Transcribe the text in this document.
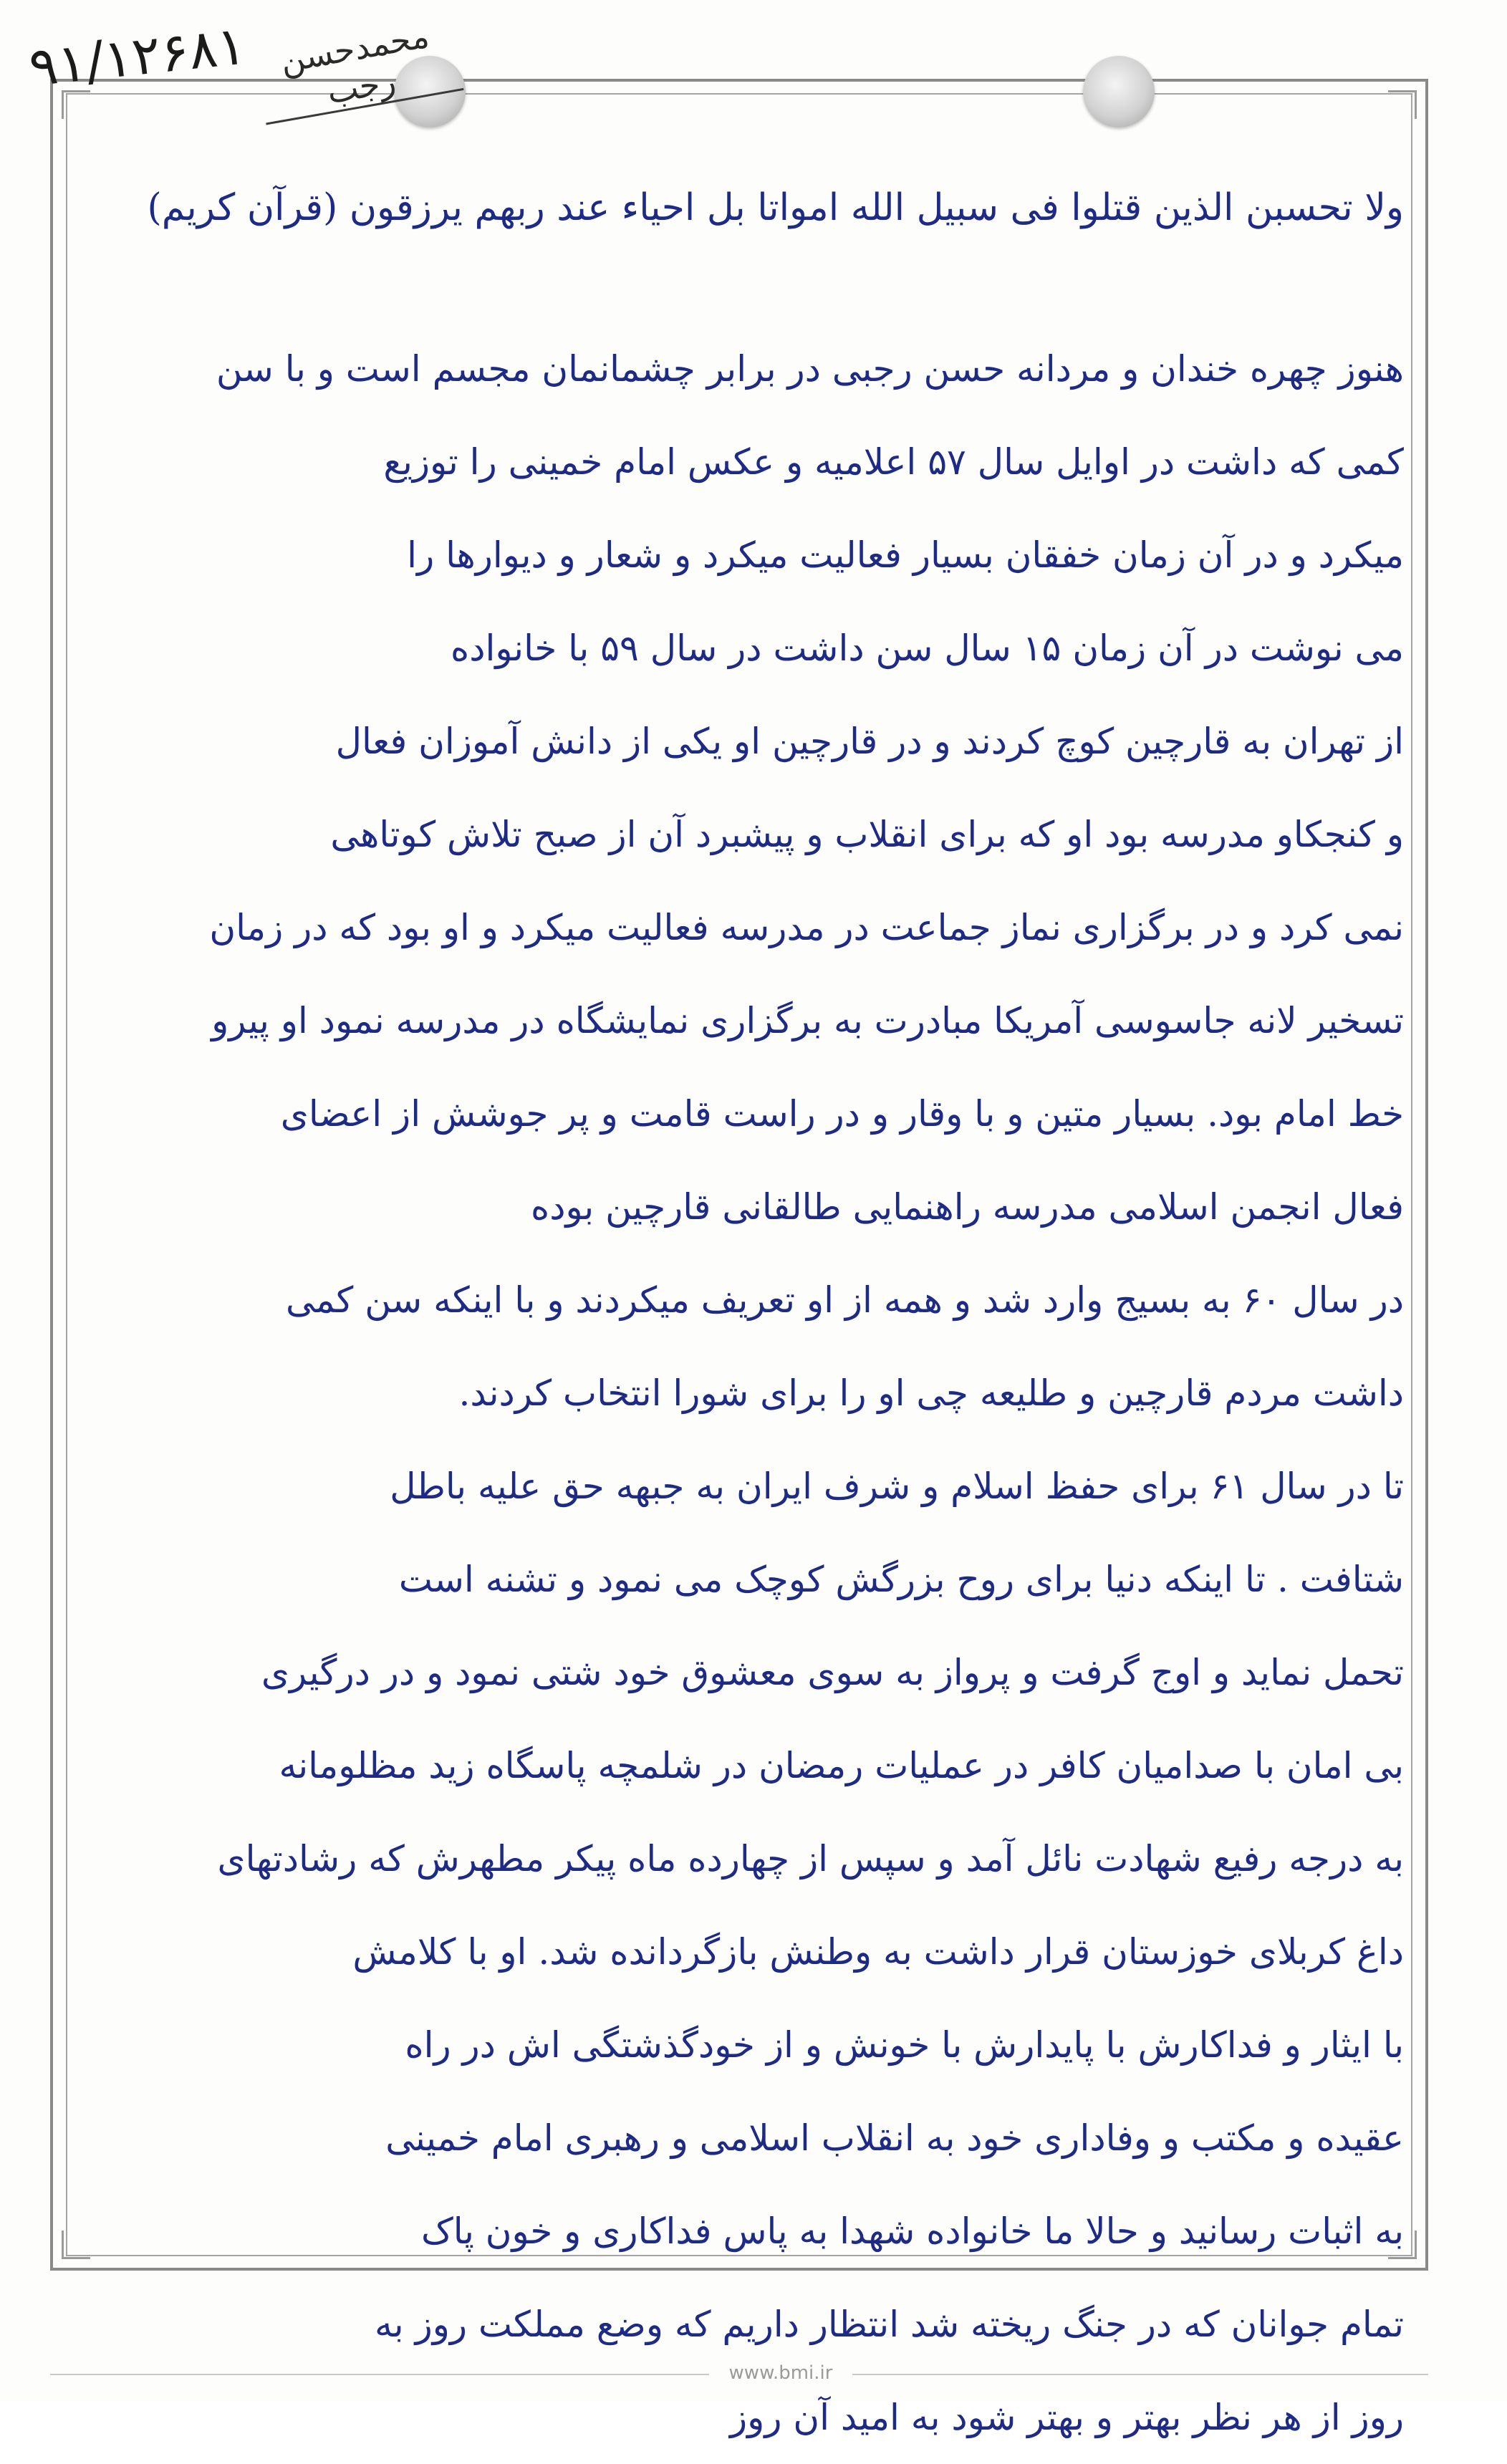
۹۱/۱۲۶۸۱ محمدحسن رجب
ولا تحسبن الذین قتلوا فی سبیل الله امواتا بل احیاء عند ربهم یرزقون (قرآن کریم)
هنوز چهره خندان و مردانه حسن رجبی در برابر چشمانمان مجسم است و با سن
کمی که داشت در اوایل سال ۵۷ اعلامیه و عکس امام خمینی را توزیع
میکرد و در آن زمان خفقان بسیار فعالیت میکرد و شعار و دیوارها را
می نوشت در آن زمان ۱۵ سال سن داشت در سال ۵۹ با خانواده
از تهران به قارچین کوچ کردند و در قارچین او یکی از دانش آموزان فعال
و کنجکاو مدرسه بود او که برای انقلاب و پیشبرد آن از صبح تلاش کوتاهی
نمی کرد و در برگزاری نماز جماعت در مدرسه فعالیت میکرد و او بود که در زمان
تسخیر لانه جاسوسی آمریکا مبادرت به برگزاری نمایشگاه در مدرسه نمود او پیرو
خط امام بود. بسیار متین و با وقار و در راست قامت و پر جوشش از اعضای
فعال انجمن اسلامی مدرسه راهنمایی طالقانی قارچین بوده
در سال ۶۰ به بسیج وارد شد و همه از او تعریف میکردند و با اینکه سن کمی
داشت مردم قارچین و طلیعه چی او را برای شورا انتخاب کردند.
تا در سال ۶۱ برای حفظ اسلام و شرف ایران به جبهه حق علیه باطل
شتافت . تا اینکه دنیا برای روح بزرگش کوچک می نمود و تشنه است
تحمل نماید و اوج گرفت و پرواز به سوی معشوق خود شتی نمود و در درگیری
بی امان با صدامیان کافر در عملیات رمضان در شلمچه پاسگاه زید مظلومانه
به درجه رفیع شهادت نائل آمد و سپس از چهارده ماه پیکر مطهرش که رشادتهای
داغ کربلای خوزستان قرار داشت به وطنش بازگردانده شد. او با کلامش
با ایثار و فداکارش با پایدارش با خونش و از خودگذشتگی اش در راه
عقیده و مکتب و وفاداری خود به انقلاب اسلامی و رهبری امام خمینی
به اثبات رسانید و حالا ما خانواده شهدا به پاس فداکاری و خون پاک
تمام جوانان که در جنگ ریخته شد انتظار داریم که وضع مملکت روز به
روز از هر نظر بهتر و بهتر شود به امید آن روز
www.bmi.ir
